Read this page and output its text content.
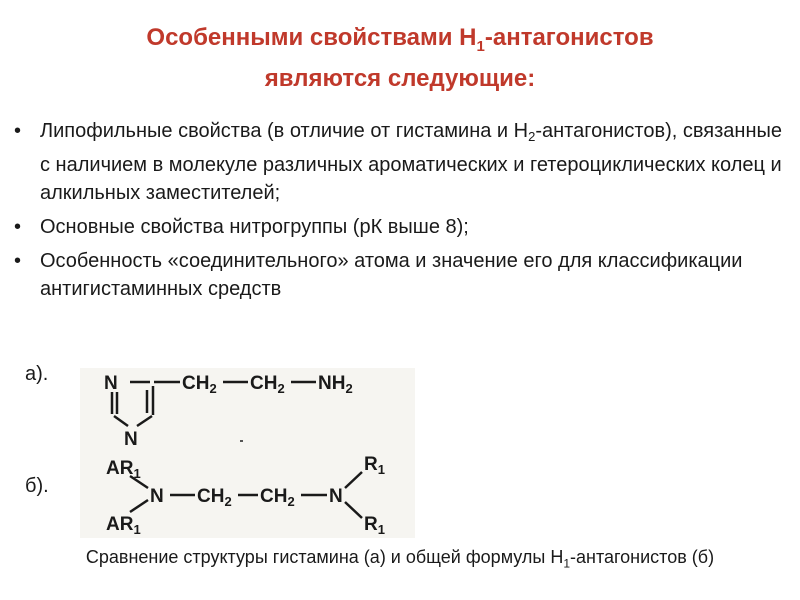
Особенными свойствами $Н_1$-антагонистов
являются следующие:
• Липофильные свойства (в отличие от гистамина и $Н_2-антагонистов$), связанные с наличием в молекуле различных ароматических и гетероциклических колец и алкильных заместителей;
• Основные свойства нитрогруппы (рК выше 8);
• Особенность «соединительного» атома и значение его для классификации антигистаминных средств
а).
б).
N
N
$CH_2$ $CH_2$ $NH_2$
$AR_1$
$AR_1$
N $CH_2$ $CH_2$ N
$R_1$
$R_1$
Сравнение структуры гистамина (а) и общей формулы $Н_1$-антагонистов (б)
